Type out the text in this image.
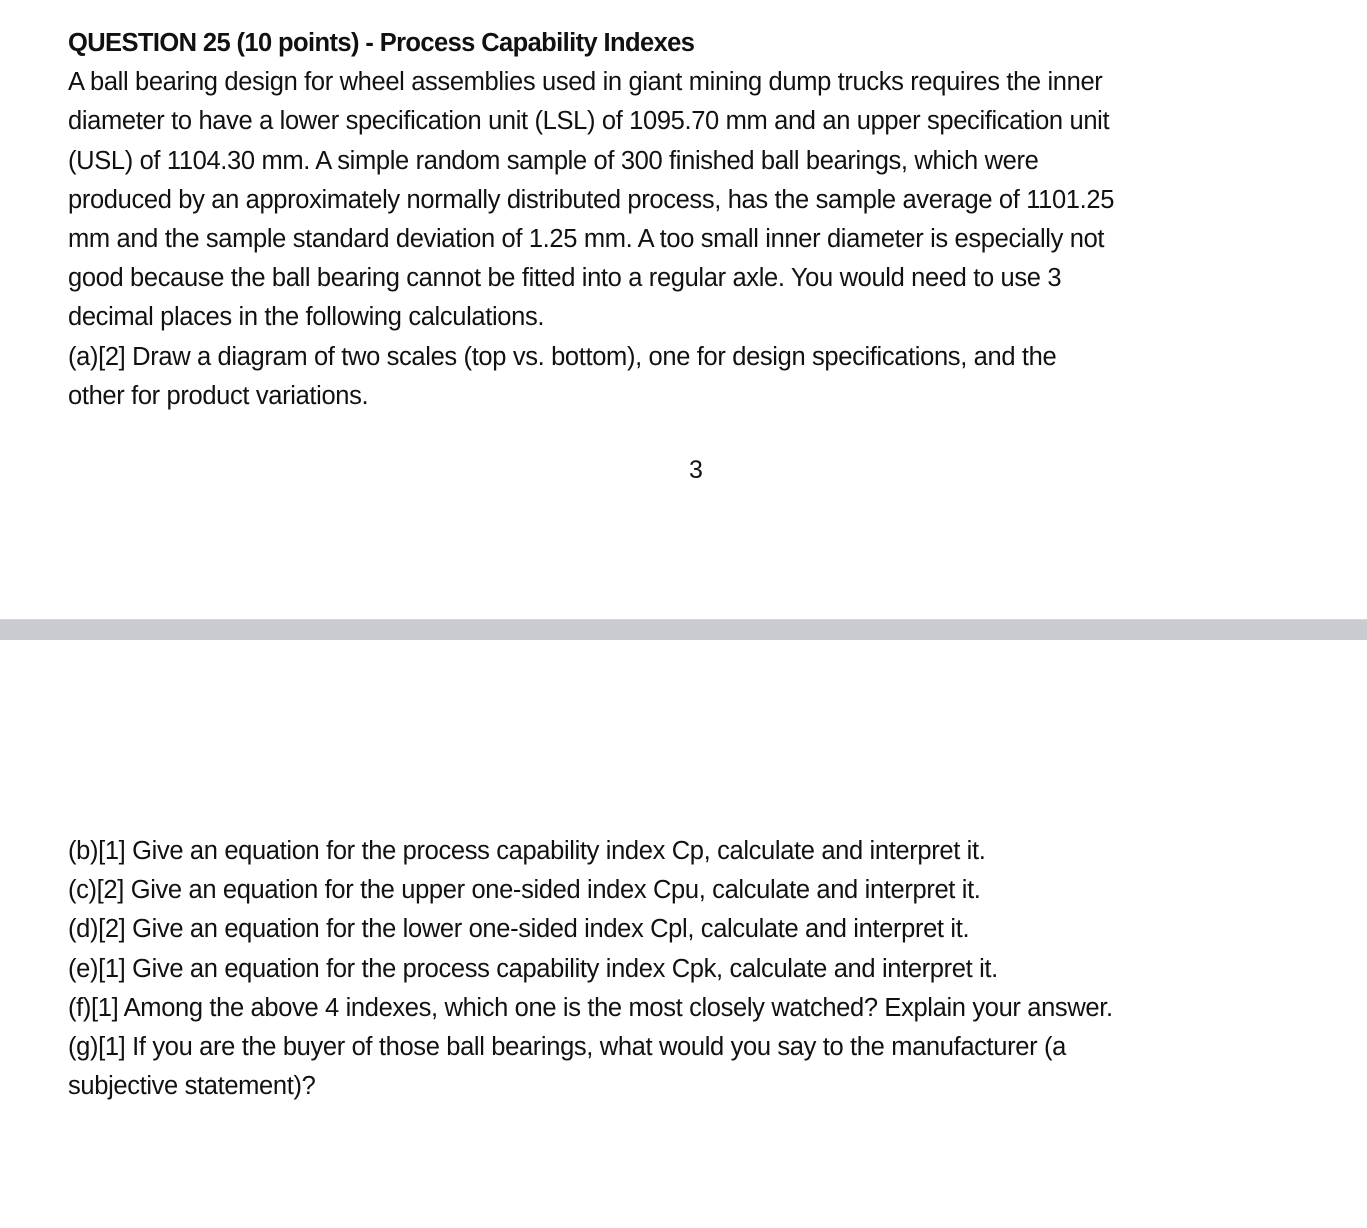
QUESTION 25 (10 points) - Process Capability Indexes

A ball bearing design for wheel assemblies used in giant mining dump trucks requires the inner
diameter to have a lower specification unit (LSL) of 1095.70 mm and an upper specification unit
(USL) of 1104.30 mm. A simple random sample of 300 finished ball bearings, which were
produced by an approximately normally distributed process, has the sample average of 1101.25
mm and the sample standard deviation of 1.25 mm. A too small inner diameter is especially not
good because the ball bearing cannot be fitted into a regular axle. You would need to use 3
decimal places in the following calculations.

(a)[2] Draw a diagram of two scales (top vs. bottom), one for design specifications, and the
other for product variations.

3
(b)[1] Give an equation for the process capability index Cp, calculate and interpret it.
(c)[2] Give an equation for the upper one-sided index Cpu, calculate and interpret it.
(d)[2] Give an equation for the lower one-sided index Cpl, calculate and interpret it.
(e)[1] Give an equation for the process capability index Cpk, calculate and interpret it.
(f)[1] Among the above 4 indexes, which one is the most closely watched? Explain your answer.
(g)[1] If you are the buyer of those ball bearings, what would you say to the manufacturer (a
subjective statement)?
